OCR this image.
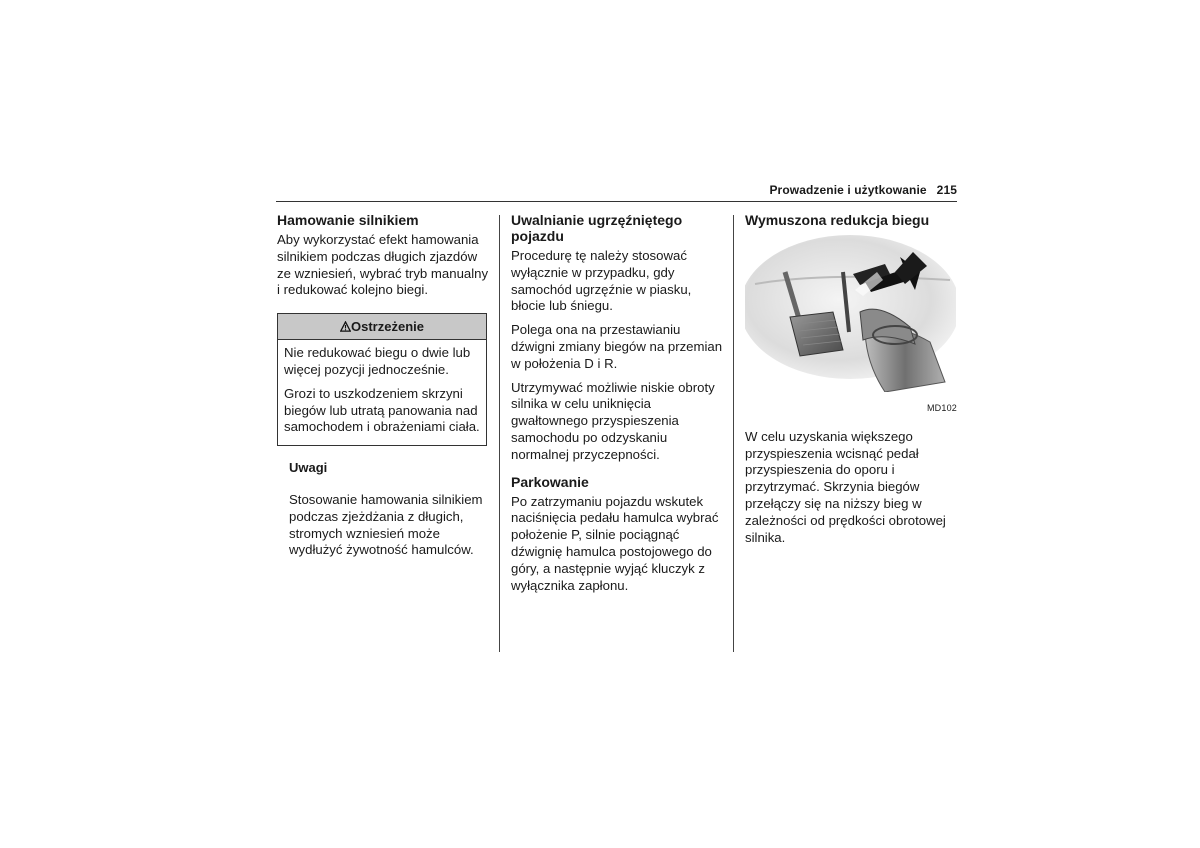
Prowadzenie i użytkowanie 215
Hamowanie silnikiem

Aby wykorzystać efekt hamowania silnikiem podczas długich zjazdów ze wzniesień, wybrać tryb manualny i redukować kolejno biegi.

Ostrzeżenie

Nie redukować biegu o dwie lub więcej pozycji jednocześnie.

Grozi to uszkodzeniem skrzyni biegów lub utratą panowania nad samochodem i obrażeniami ciała.

Uwagi

Stosowanie hamowania silnikiem podczas zjeżdżania z długich, stromych wzniesień może wydłużyć żywotność hamulców.

Uwalnianie ugrzęźniętego pojazdu

Procedurę tę należy stosować wyłącznie w przypadku, gdy samochód ugrzęźnie w piasku, błocie lub śniegu.

Polega ona na przestawianiu dźwigni zmiany biegów na przemian w położenia D i R.

Utrzymywać możliwie niskie obroty silnika w celu uniknięcia gwałtownego przyspieszenia samochodu po odzyskaniu normalnej przyczepności.

Parkowanie

Po zatrzymaniu pojazdu wskutek naciśnięcia pedału hamulca wybrać położenie P, silnie pociągnąć dźwignię hamulca postojowego do góry, a następnie wyjąć kluczyk z wyłącznika zapłonu.

Wymuszona redukcja biegu
MD102

W celu uzyskania większego przyspieszenia wcisnąć pedał przyspieszenia do oporu i przytrzymać. Skrzynia biegów przełączy się na niższy bieg w zależności od prędkości obrotowej silnika.
